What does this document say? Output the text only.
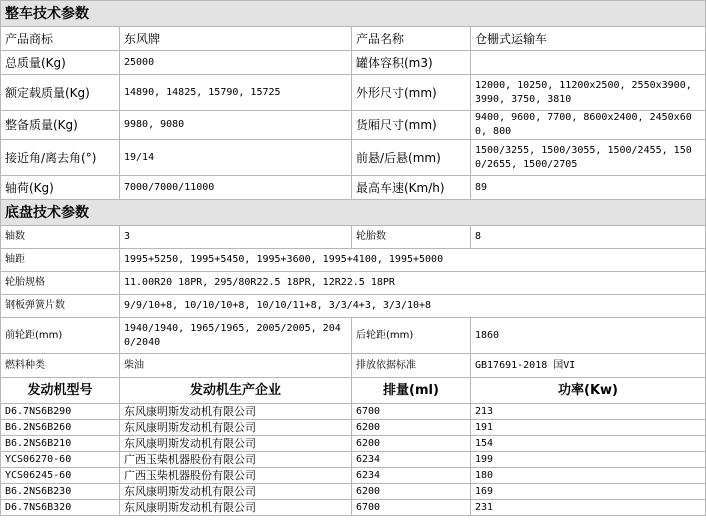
整车技术参数			
产品商标	东风牌	产品名称	仓栅式运输车
总质量(Kg)	25000	罐体容积(m3)	
额定载质量(Kg)	14890, 14825, 15790, 15725	外形尺寸(mm)	12000, 10250, 11200x2500, 2550x3900, 3990, 3750, 3810
整备质量(Kg)	9980, 9080	货厢尺寸(mm)	9400, 9600, 7700, 8600x2400, 2450x600, 800
接近角/离去角(°)	19/14	前悬/后悬(mm)	1500/3255, 1500/3055, 1500/2455, 1500/2655, 1500/2705
轴荷(Kg)	7000/7000/11000	最高车速(Km/h)	89
底盘技术参数			
轴数	3	轮胎数	8
轴距	1995+5250, 1995+5450, 1995+3600, 1995+4100, 1995+5000		
轮胎规格	11.00R20 18PR, 295/80R22.5 18PR, 12R22.5 18PR		
钢板弹簧片数	9/9/10+8, 10/10/10+8, 10/10/11+8, 3/3/4+3, 3/3/10+8		
前轮距(mm)	1940/1940, 1965/1965, 2005/2005, 2040/2040	后轮距(mm)	1860
燃料种类	柴油	排放依据标准	GB17691-2018 国VI
发动机型号	发动机生产企业	排量(ml)	功率(Kw)
D6.7NS6B290	东风康明斯发动机有限公司	6700	213
B6.2NS6B260	东风康明斯发动机有限公司	6200	191
B6.2NS6B210	东风康明斯发动机有限公司	6200	154
YCS06270-60	广西玉柴机器股份有限公司	6234	199
YCS06245-60	广西玉柴机器股份有限公司	6234	180
B6.2NS6B230	东风康明斯发动机有限公司	6200	169
D6.7NS6B320	东风康明斯发动机有限公司	6700	231
